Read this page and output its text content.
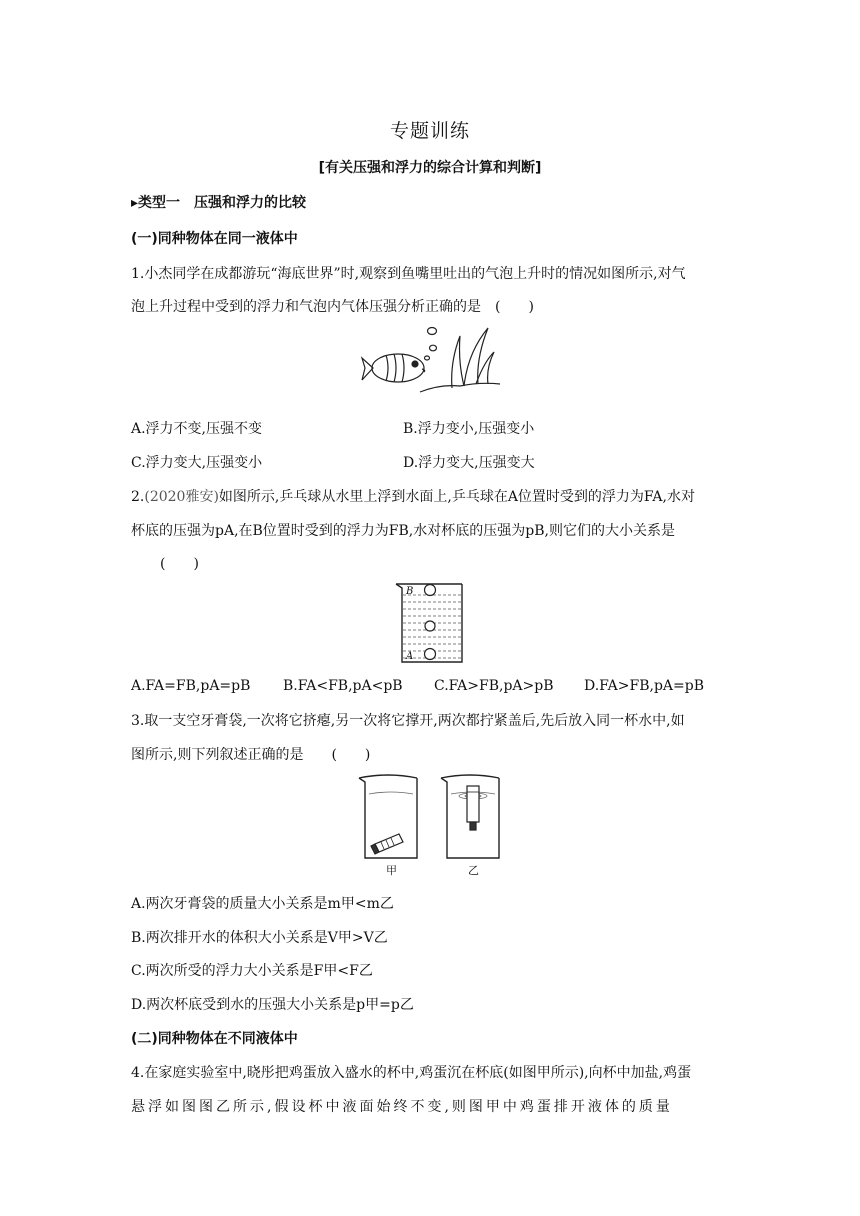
专题训练
[有关压强和浮力的综合计算和判断]
▸类型一　压强和浮力的比较
(一)同种物体在同一液体中
1.小杰同学在成都游玩“海底世界”时,观察到鱼嘴里吐出的气泡上升时的情况如图所示,对气
泡上升过程中受到的浮力和气泡内气体压强分析正确的是　(　　)
A.浮力不变,压强不变	B.浮力变小,压强变小
C.浮力变大,压强变小	D.浮力变大,压强变大
2.(2020雅安)如图所示,乒乓球从水里上浮到水面上,乒乓球在A位置时受到的浮力为FA,水对
杯底的压强为pA,在B位置时受到的浮力为FB,水对杯底的压强为pB,则它们的大小关系是
(　　)
B
A
A.FA=FB,pA=pB B.FA<FB,pA<pB C.FA>FB,pA>pB D.FA>FB,pA=pB
3.取一支空牙膏袋,一次将它挤瘪,另一次将它撑开,两次都拧紧盖后,先后放入同一杯水中,如
图所示,则下列叙述正确的是　　(　　)
甲	乙
A.两次牙膏袋的质量大小关系是m甲<m乙
B.两次排开水的体积大小关系是V甲>V乙
C.两次所受的浮力大小关系是F甲<F乙
D.两次杯底受到水的压强大小关系是p甲=p乙
(二)同种物体在不同液体中
4.在家庭实验室中,晓彤把鸡蛋放入盛水的杯中,鸡蛋沉在杯底(如图甲所示),向杯中加盐,鸡蛋
悬浮如图图乙所示,假设杯中液面始终不变,则图甲中鸡蛋排开液体的质量
